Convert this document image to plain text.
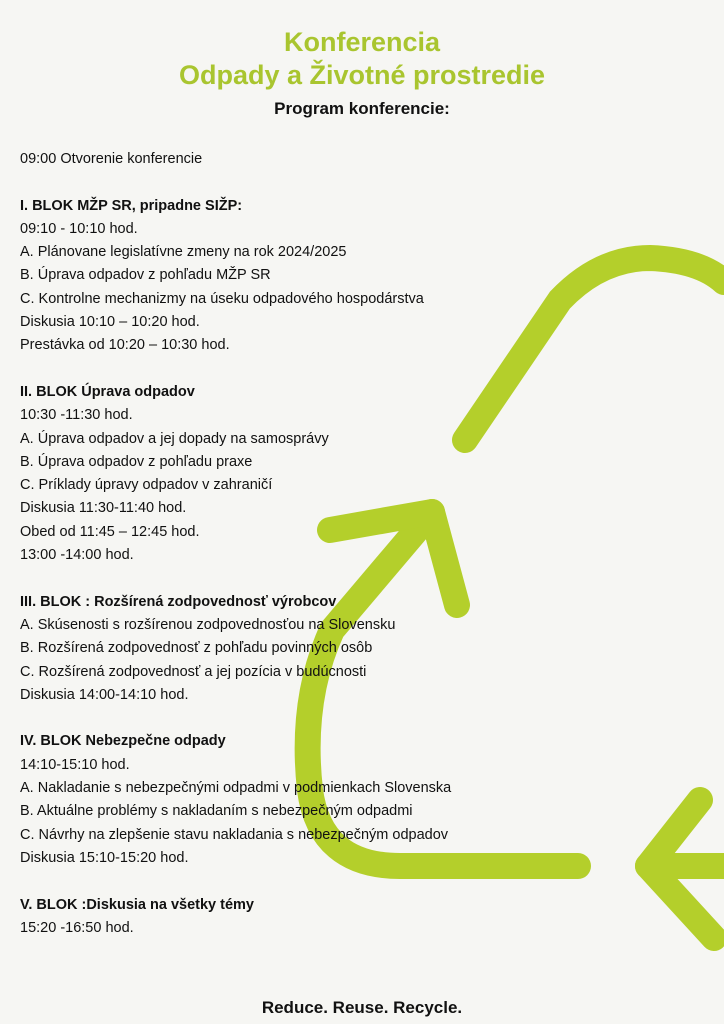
Konferencia
Odpady a Životné prostredie
Program konferencie:
09:00 Otvorenie konferencie
I. BLOK MŽP SR, pripadne SIŽP:
09:10 - 10:10 hod.
A. Plánovane legislatívne zmeny na rok 2024/2025
B. Úprava odpadov z pohľadu MŽP SR
C. Kontrolne mechanizmy na úseku odpadového hospodárstva
Diskusia 10:10 – 10:20 hod.
Prestávka od 10:20 – 10:30 hod.
II. BLOK Úprava odpadov
10:30 -11:30 hod.
A. Úprava odpadov a jej dopady na samosprávy
B. Úprava odpadov z pohľadu praxe
C. Príklady úpravy odpadov v zahraničí
Diskusia 11:30-11:40 hod.
Obed od 11:45 – 12:45 hod.
13:00 -14:00 hod.
III. BLOK : Rozšírená zodpovednosť výrobcov
A. Skúsenosti s rozšírenou zodpovednosťou na Slovensku
B. Rozšírená zodpovednosť z pohľadu povinných osôb
C. Rozšírená zodpovednosť a jej pozícia v budúcnosti
Diskusia 14:00-14:10 hod.
IV. BLOK Nebezpečne odpady
14:10-15:10 hod.
A. Nakladanie s nebezpečnými odpadmi v podmienkach Slovenska
B. Aktuálne problémy s nakladaním s nebezpečným odpadmi
C. Návrhy na zlepšenie stavu nakladania s nebezpečným odpadov
Diskusia 15:10-15:20 hod.
V. BLOK :Diskusia na všetky témy
15:20 -16:50 hod.
Reduce. Reuse. Recycle.
